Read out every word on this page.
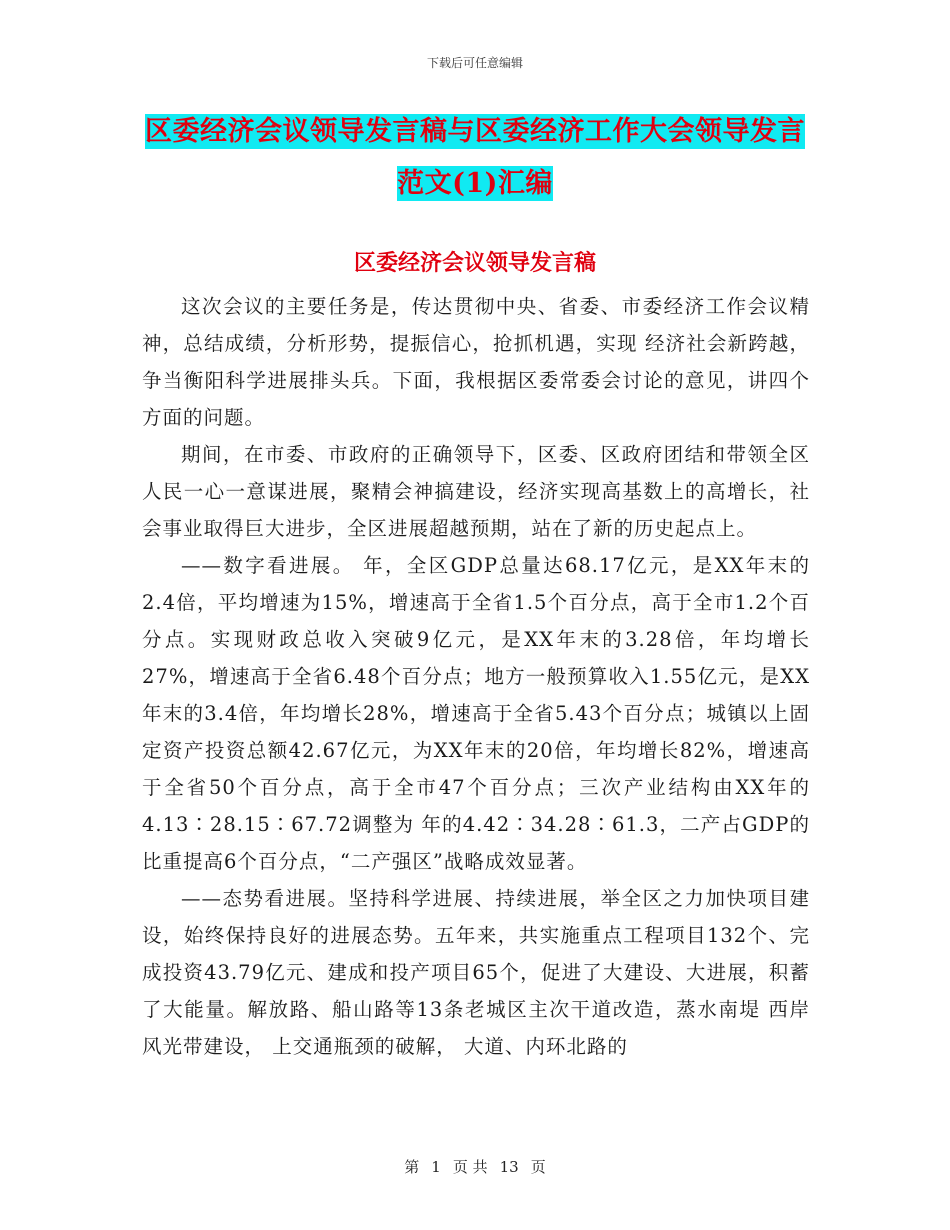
下载后可任意编辑
区委经济会议领导发言稿与区委经济工作大会领导发言范文(1)汇编
区委经济会议领导发言稿

这次会议的主要任务是，传达贯彻中央、省委、市委经济工作会议精神，总结成绩，分析形势，提振信心，抢抓机遇，实现 经济社会新跨越，争当衡阳科学进展排头兵。下面，我根据区委常委会讨论的意见，讲四个方面的问题。

期间，在市委、市政府的正确领导下，区委、区政府团结和带领全区人民一心一意谋进展，聚精会神搞建设，经济实现高基数上的高增长，社会事业取得巨大进步，全区进展超越预期，站在了新的历史起点上。

——数字看进展。 年，全区GDP总量达68.17亿元，是XX年末的2.4倍，平均增速为15%，增速高于全省1.5个百分点，高于全市1.2个百分点。实现财政总收入突破9亿元，是XX年末的3.28倍，年均增长27%，增速高于全省6.48个百分点；地方一般预算收入1.55亿元，是XX年末的3.4倍，年均增长28%，增速高于全省5.43个百分点；城镇以上固定资产投资总额42.67亿元，为XX年末的20倍，年均增长82%，增速高于全省50个百分点，高于全市47个百分点；三次产业结构由XX年的4.13∶28.15∶67.72调整为 年的4.42∶34.28∶61.3，二产占GDP的比重提高6个百分点，“二产强区”战略成效显著。

——态势看进展。坚持科学进展、持续进展，举全区之力加快项目建设，始终保持良好的进展态势。五年来，共实施重点工程项目132个、完成投资43.79亿元、建成和投产项目65个，促进了大建设、大进展，积蓄了大能量。解放路、船山路等13条老城区主次干道改造，蒸水南堤 西岸风光带建设， 上交通瓶颈的破解， 大道、内环北路的

第 1 页 共 13 页
